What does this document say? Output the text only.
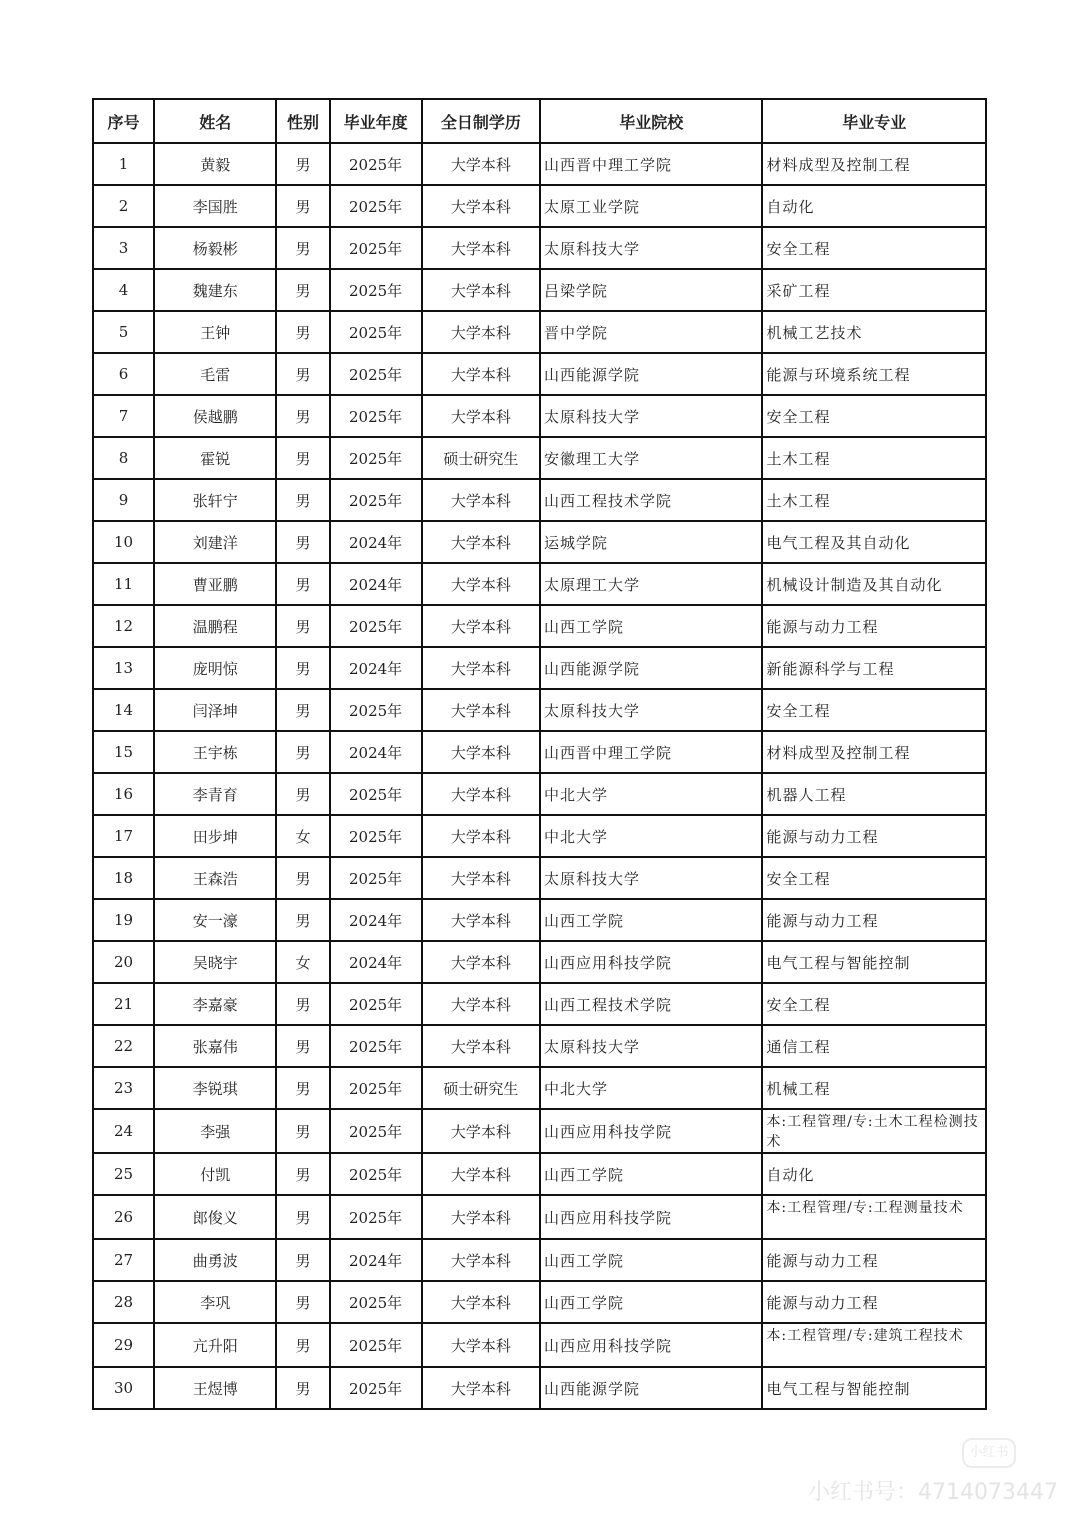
序号	姓名	性别	毕业年度	全日制学历	毕业院校	毕业专业
1	黄毅	男	2025年	大学本科	山西晋中理工学院	材料成型及控制工程
2	李国胜	男	2025年	大学本科	太原工业学院	自动化
3	杨毅彬	男	2025年	大学本科	太原科技大学	安全工程
4	魏建东	男	2025年	大学本科	吕梁学院	采矿工程
5	王钟	男	2025年	大学本科	晋中学院	机械工艺技术
6	毛雷	男	2025年	大学本科	山西能源学院	能源与环境系统工程
7	侯越鹏	男	2025年	大学本科	太原科技大学	安全工程
8	霍锐	男	2025年	硕士研究生	安徽理工大学	土木工程
9	张轩宁	男	2025年	大学本科	山西工程技术学院	土木工程
10	刘建洋	男	2024年	大学本科	运城学院	电气工程及其自动化
11	曹亚鹏	男	2024年	大学本科	太原理工大学	机械设计制造及其自动化
12	温鹏程	男	2025年	大学本科	山西工学院	能源与动力工程
13	庞明惊	男	2024年	大学本科	山西能源学院	新能源科学与工程
14	闫泽坤	男	2025年	大学本科	太原科技大学	安全工程
15	王宇栋	男	2024年	大学本科	山西晋中理工学院	材料成型及控制工程
16	李青育	男	2025年	大学本科	中北大学	机器人工程
17	田步坤	女	2025年	大学本科	中北大学	能源与动力工程
18	王森浩	男	2025年	大学本科	太原科技大学	安全工程
19	安一濠	男	2024年	大学本科	山西工学院	能源与动力工程
20	吴晓宇	女	2024年	大学本科	山西应用科技学院	电气工程与智能控制
21	李嘉豪	男	2025年	大学本科	山西工程技术学院	安全工程
22	张嘉伟	男	2025年	大学本科	太原科技大学	通信工程
23	李锐琪	男	2025年	硕士研究生	中北大学	机械工程
24	李强	男	2025年	大学本科	山西应用科技学院	本:工程管理/专:土木工程检测技术
25	付凯	男	2025年	大学本科	山西工学院	自动化
26	郎俊义	男	2025年	大学本科	山西应用科技学院	本:工程管理/专:工程测量技术
27	曲勇波	男	2024年	大学本科	山西工学院	能源与动力工程
28	李巩	男	2025年	大学本科	山西工学院	能源与动力工程
29	亢升阳	男	2025年	大学本科	山西应用科技学院	本:工程管理/专:建筑工程技术
30	王煜博	男	2025年	大学本科	山西能源学院	电气工程与智能控制
小红书
小红书号：4714073447
